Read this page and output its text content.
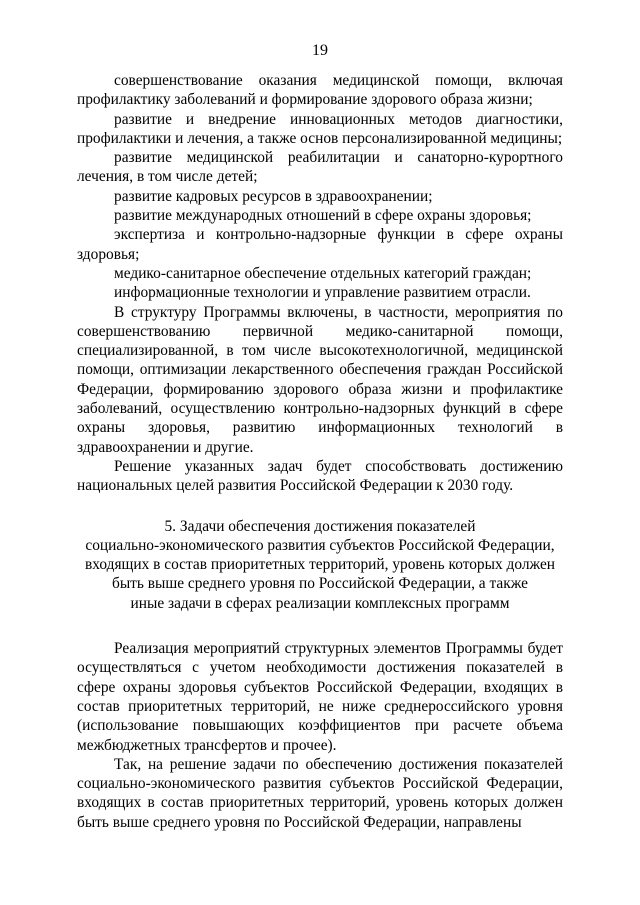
19

совершенствование оказания медицинской помощи, включая профилактику заболеваний и формирование здорового образа жизни;

развитие и внедрение инновационных методов диагностики, профилактики и лечения, а также основ персонализированной медицины;

развитие медицинской реабилитации и санаторно-курортного лечения, в том числе детей;

развитие кадровых ресурсов в здравоохранении;

развитие международных отношений в сфере охраны здоровья;

экспертиза и контрольно-надзорные функции в сфере охраны здоровья;

медико-санитарное обеспечение отдельных категорий граждан;

информационные технологии и управление развитием отрасли.

В структуру Программы включены, в частности, мероприятия по совершенствованию первичной медико-санитарной помощи, специализированной, в том числе высокотехнологичной, медицинской помощи, оптимизации лекарственного обеспечения граждан Российской Федерации, формированию здорового образа жизни и профилактике заболеваний, осуществлению контрольно-надзорных функций в сфере охраны здоровья, развитию информационных технологий в здравоохранении и другие.

Решение указанных задач будет способствовать достижению национальных целей развития Российской Федерации к 2030 году.

5. Задачи обеспечения достижения показателей

социально-экономического развития субъектов Российской Федерации,

входящих в состав приоритетных территорий, уровень которых должен

быть выше среднего уровня по Российской Федерации, а также

иные задачи в сферах реализации комплексных программ

Реализация мероприятий структурных элементов Программы будет осуществляться с учетом необходимости достижения показателей в сфере охраны здоровья субъектов Российской Федерации, входящих в состав приоритетных территорий, не ниже среднероссийского уровня (использование повышающих коэффициентов при расчете объема межбюджетных трансфертов и прочее).

Так, на решение задачи по обеспечению достижения показателей социально-экономического развития субъектов Российской Федерации, входящих в состав приоритетных территорий, уровень которых должен быть выше среднего уровня по Российской Федерации, направлены
